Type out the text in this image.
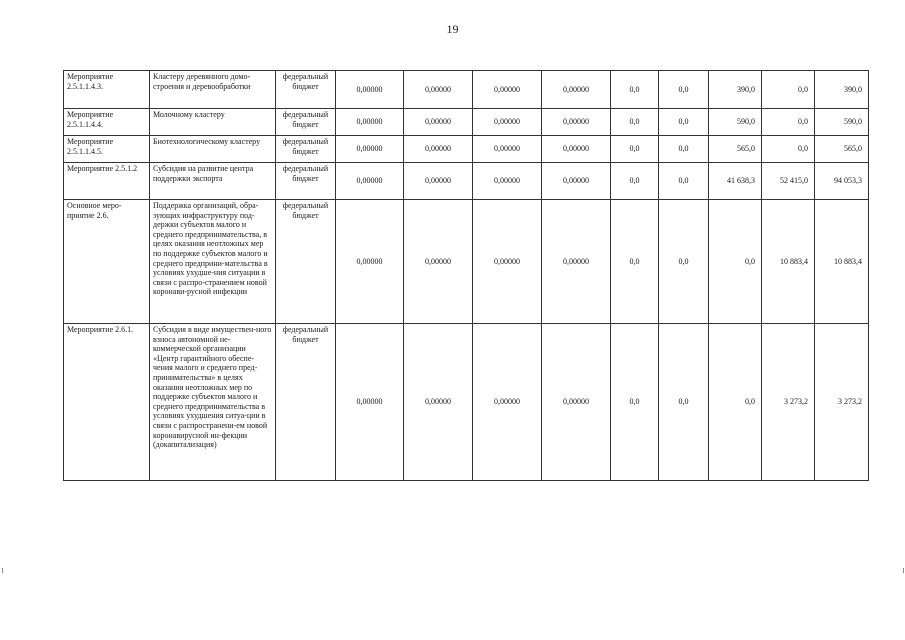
19
Мероприятие 2.5.1.1.4.3.	Кластеру деревянного домо-строения и деревообработки	федеральный бюджет	0,00000	0,00000	0,00000	0,00000	0,0	0,0	390,0	0,0	390,0
Мероприятие 2.5.1.1.4.4.	Молочному кластеру	федеральный бюджет	0,00000	0,00000	0,00000	0,00000	0,0	0,0	590,0	0,0	590,0
Мероприятие 2.5.1.1.4.5.	Биотехнологическому кластеру	федеральный бюджет	0,00000	0,00000	0,00000	0,00000	0,0	0,0	565,0	0,0	565,0
Мероприятие 2.5.1.2	Субсидия на развитие центра поддержки экспорта	федеральный бюджет	0,00000	0,00000	0,00000	0,00000	0,0	0,0	41 638,3	52 415,0	94 053,3
Основное меро-приятие 2.6.	Поддержка организаций, обра-зующих инфраструктуру под-держки субъектов малого и среднего предпринимательства, в целях оказания неотложных мер по поддержке субъектов малого и среднего предприни-мательства в условиях ухудше-ния ситуации в связи с распро-странением новой коронави-русной инфекции	федеральный бюджет	0,00000	0,00000	0,00000	0,00000	0,0	0,0	0,0	10 883,4	10 883,4
Мероприятие 2.6.1.	Субсидия в виде имуществен-ного взноса автономной не-коммерческой организации «Центр гарантийного обеспе-чения малого и среднего пред-принимательства» в целях оказания неотложных мер по поддержке субъектов малого и среднего предпринимательства в условиях ухудшения ситуа-ции в связи с распространени-ем новой коронавирусной ин-фекции (докапитализация)	федеральный бюджет	0,00000	0,00000	0,00000	0,00000	0,0	0,0	0,0	3 273,2	3 273,2
